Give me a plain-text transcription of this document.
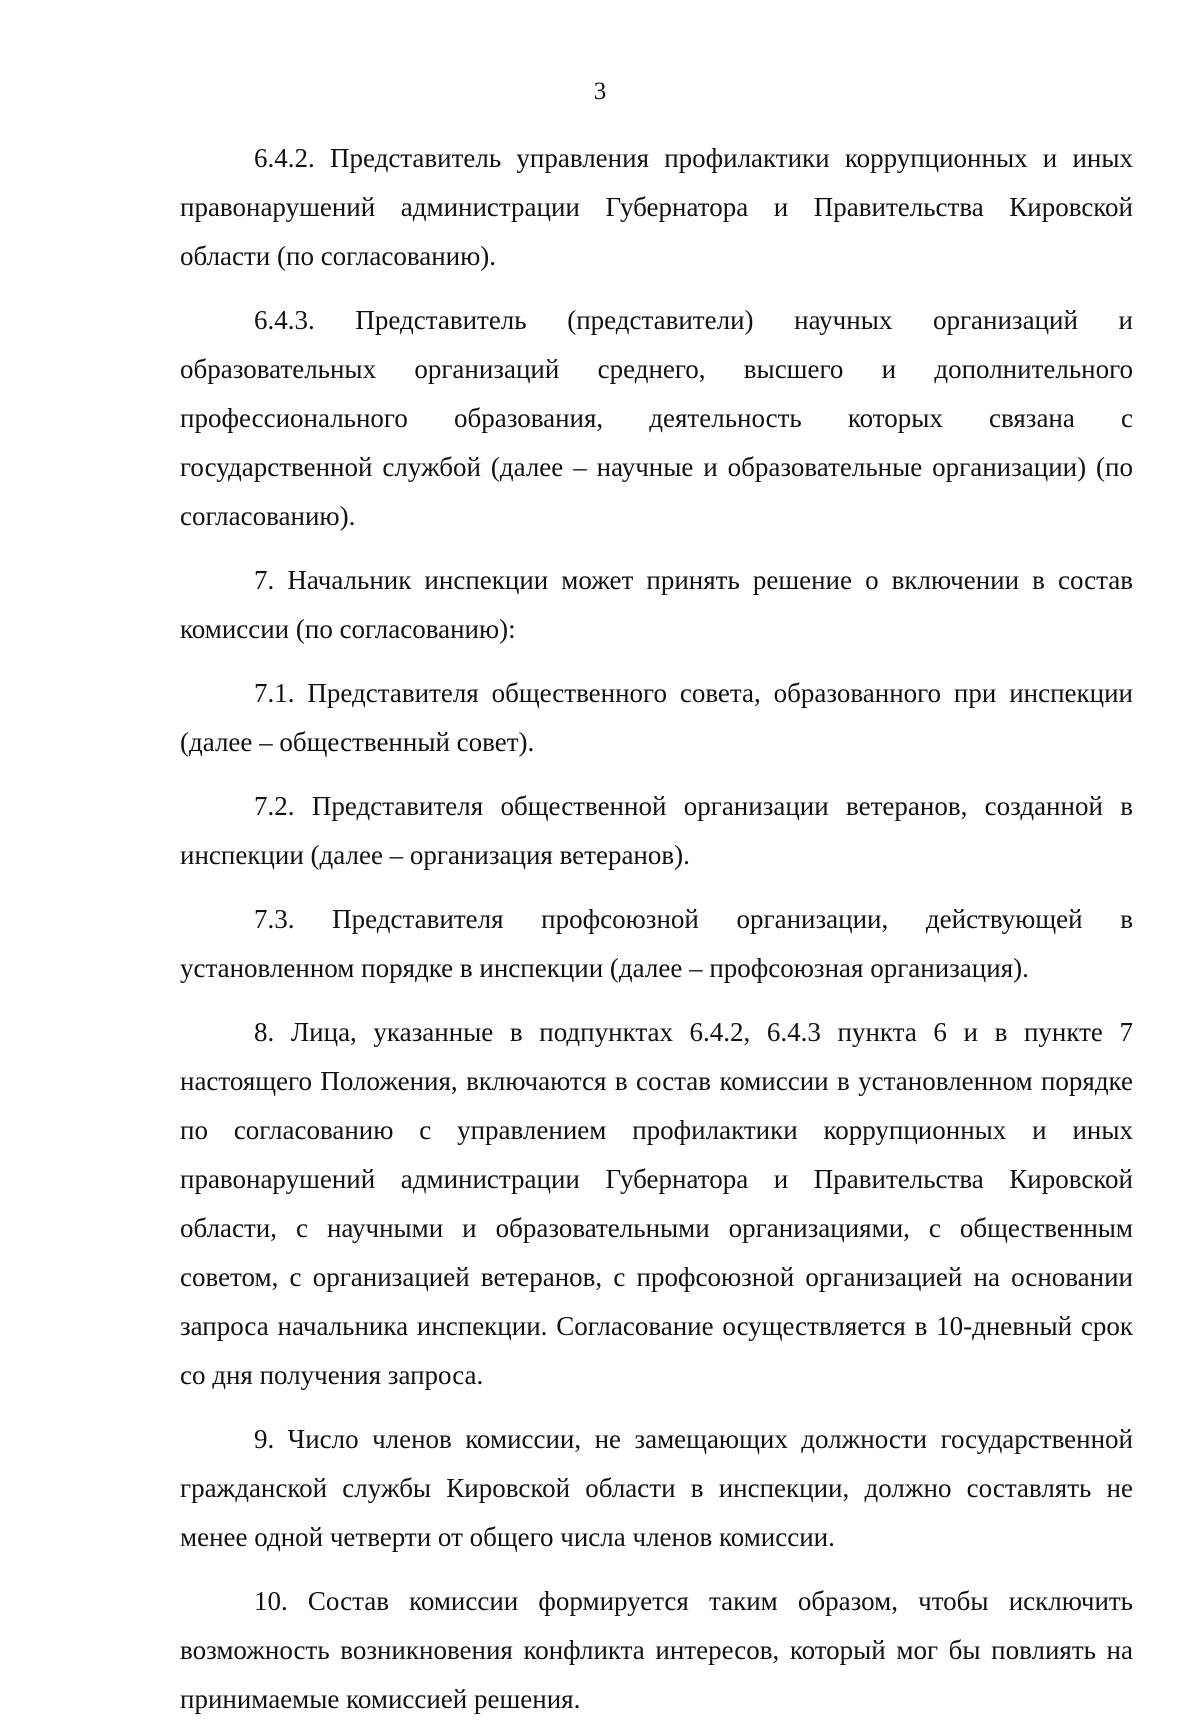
3

6.4.2. Представитель управления профилактики коррупционных и иных правонарушений администрации Губернатора и Правительства Кировской области (по согласованию).

6.4.3. Представитель (представители) научных организаций и образовательных организаций среднего, высшего и дополнительного профессионального образования, деятельность которых связана с государственной службой (далее – научные и образовательные организации) (по согласованию).

7. Начальник инспекции может принять решение о включении в состав комиссии (по согласованию):

7.1. Представителя общественного совета, образованного при инспекции (далее – общественный совет).

7.2. Представителя общественной организации ветеранов, созданной в инспекции (далее – организация ветеранов).

7.3. Представителя профсоюзной организации, действующей в установленном порядке в инспекции (далее – профсоюзная организация).

8. Лица, указанные в подпунктах 6.4.2, 6.4.3 пункта 6 и в пункте 7 настоящего Положения, включаются в состав комиссии в установленном порядке по согласованию с управлением профилактики коррупционных и иных правонарушений администрации Губернатора и Правительства Кировской области, с научными и образовательными организациями, с общественным советом, с организацией ветеранов, с профсоюзной организацией на основании запроса начальника инспекции. Согласование осуществляется в 10-дневный срок со дня получения запроса.

9. Число членов комиссии, не замещающих должности государственной гражданской службы Кировской области в инспекции, должно составлять не менее одной четверти от общего числа членов комиссии.

10. Состав комиссии формируется таким образом, чтобы исключить возможность возникновения конфликта интересов, который мог бы повлиять на принимаемые комиссией решения.
